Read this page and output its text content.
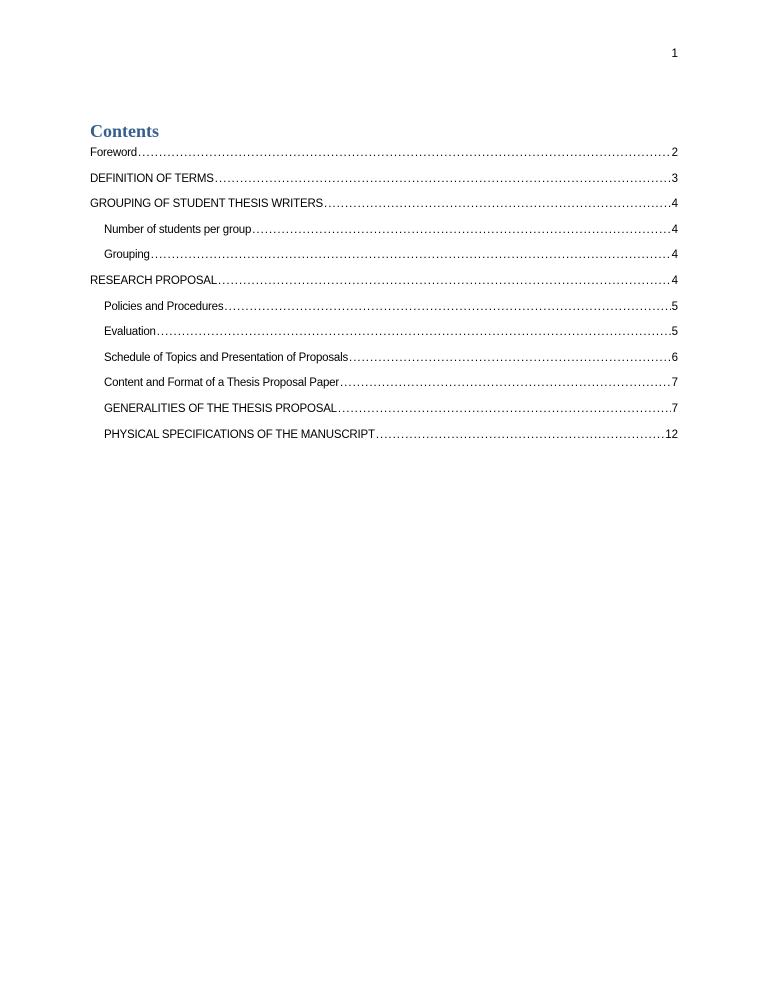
1
Contents
Foreword .....	2
DEFINITION OF TERMS .....	3
GROUPING OF STUDENT THESIS WRITERS .....	4
Number of students per group .....	4
Grouping .....	4
RESEARCH PROPOSAL .....	4
Policies and Procedures .....	5
Evaluation .....	5
Schedule of Topics and Presentation of Proposals .....	6
Content and Format of a Thesis Proposal Paper .....	7
GENERALITIES OF THE THESIS PROPOSAL .....	7
PHYSICAL SPECIFICATIONS OF THE MANUSCRIPT .....	12
